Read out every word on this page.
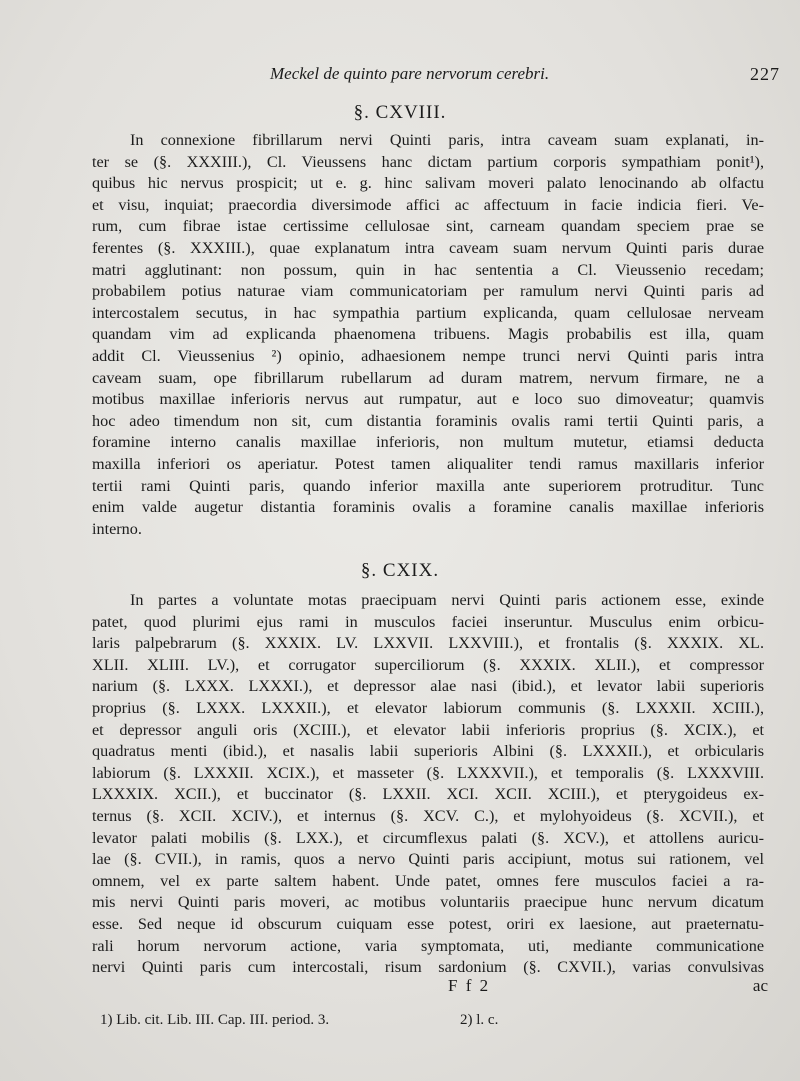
Meckel de quinto pare nervorum cerebri.	227
§. CXVIII.
In connexione fibrillarum nervi Quinti paris, intra caveam suam explanati, in-
ter se (§. XXXIII.), Cl. Vieussens hanc dictam partium corporis sympathiam ponit¹),
quibus hic nervus prospicit; ut e. g. hinc salivam moveri palato lenocinando ab olfactu
et visu, inquiat; praecordia diversimode affici ac affectuum in facie indicia fieri. Ve-
rum, cum fibrae istae certissime cellulosae sint, carneam quandam speciem prae se
ferentes (§. XXXIII.), quae explanatum intra caveam suam nervum Quinti paris durae
matri agglutinant: non possum, quin in hac sententia a Cl. Vieussenio recedam;
probabilem potius naturae viam communicatoriam per ramulum nervi Quinti paris ad
intercostalem secutus, in hac sympathia partium explicanda, quam cellulosae nerveam
quandam vim ad explicanda phaenomena tribuens. Magis probabilis est illa, quam
addit Cl. Vieussenius ²) opinio, adhaesionem nempe trunci nervi Quinti paris intra
caveam suam, ope fibrillarum rubellarum ad duram matrem, nervum firmare, ne a
motibus maxillae inferioris nervus aut rumpatur, aut e loco suo dimoveatur; quamvis
hoc adeo timendum non sit, cum distantia foraminis ovalis rami tertii Quinti paris, a
foramine interno canalis maxillae inferioris, non multum mutetur, etiamsi deducta
maxilla inferiori os aperiatur. Potest tamen aliqualiter tendi ramus maxillaris inferior
tertii rami Quinti paris, quando inferior maxilla ante superiorem protruditur. Tunc
enim valde augetur distantia foraminis ovalis a foramine canalis maxillae inferioris
interno.
§. CXIX.
In partes a voluntate motas praecipuam nervi Quinti paris actionem esse, exinde
patet, quod plurimi ejus rami in musculos faciei inseruntur. Musculus enim orbicu-
laris palpebrarum (§. XXXIX. LV. LXXVII. LXXVIII.), et frontalis (§. XXXIX. XL.
XLII. XLIII. LV.), et corrugator superciliorum (§. XXXIX. XLII.), et compressor
narium (§. LXXX. LXXXI.), et depressor alae nasi (ibid.), et levator labii superioris
proprius (§. LXXX. LXXXII.), et elevator labiorum communis (§. LXXXII. XCIII.),
et depressor anguli oris (XCIII.), et elevator labii inferioris proprius (§. XCIX.), et
quadratus menti (ibid.), et nasalis labii superioris Albini (§. LXXXII.), et orbicularis
labiorum (§. LXXXII. XCIX.), et masseter (§. LXXXVII.), et temporalis (§. LXXXVIII.
LXXXIX. XCII.), et buccinator (§. LXXII. XCI. XCII. XCIII.), et pterygoideus ex-
ternus (§. XCII. XCIV.), et internus (§. XCV. C.), et mylohyoideus (§. XCVII.), et
levator palati mobilis (§. LXX.), et circumflexus palati (§. XCV.), et attollens auricu-
lae (§. CVII.), in ramis, quos a nervo Quinti paris accipiunt, motus sui rationem, vel
omnem, vel ex parte saltem habent. Unde patet, omnes fere musculos faciei a ra-
mis nervi Quinti paris moveri, ac motibus voluntariis praecipue hunc nervum dicatum
esse. Sed neque id obscurum cuiquam esse potest, oriri ex laesione, aut praeternatu-
rali horum nervorum actione, varia symptomata, uti, mediante communicatione
nervi Quinti paris cum intercostali, risum sardonium (§. CXVII.), varias convulsivas
F f 2	ac
1) Lib. cit. Lib. III. Cap. III. period. 3.	2) l. c.
